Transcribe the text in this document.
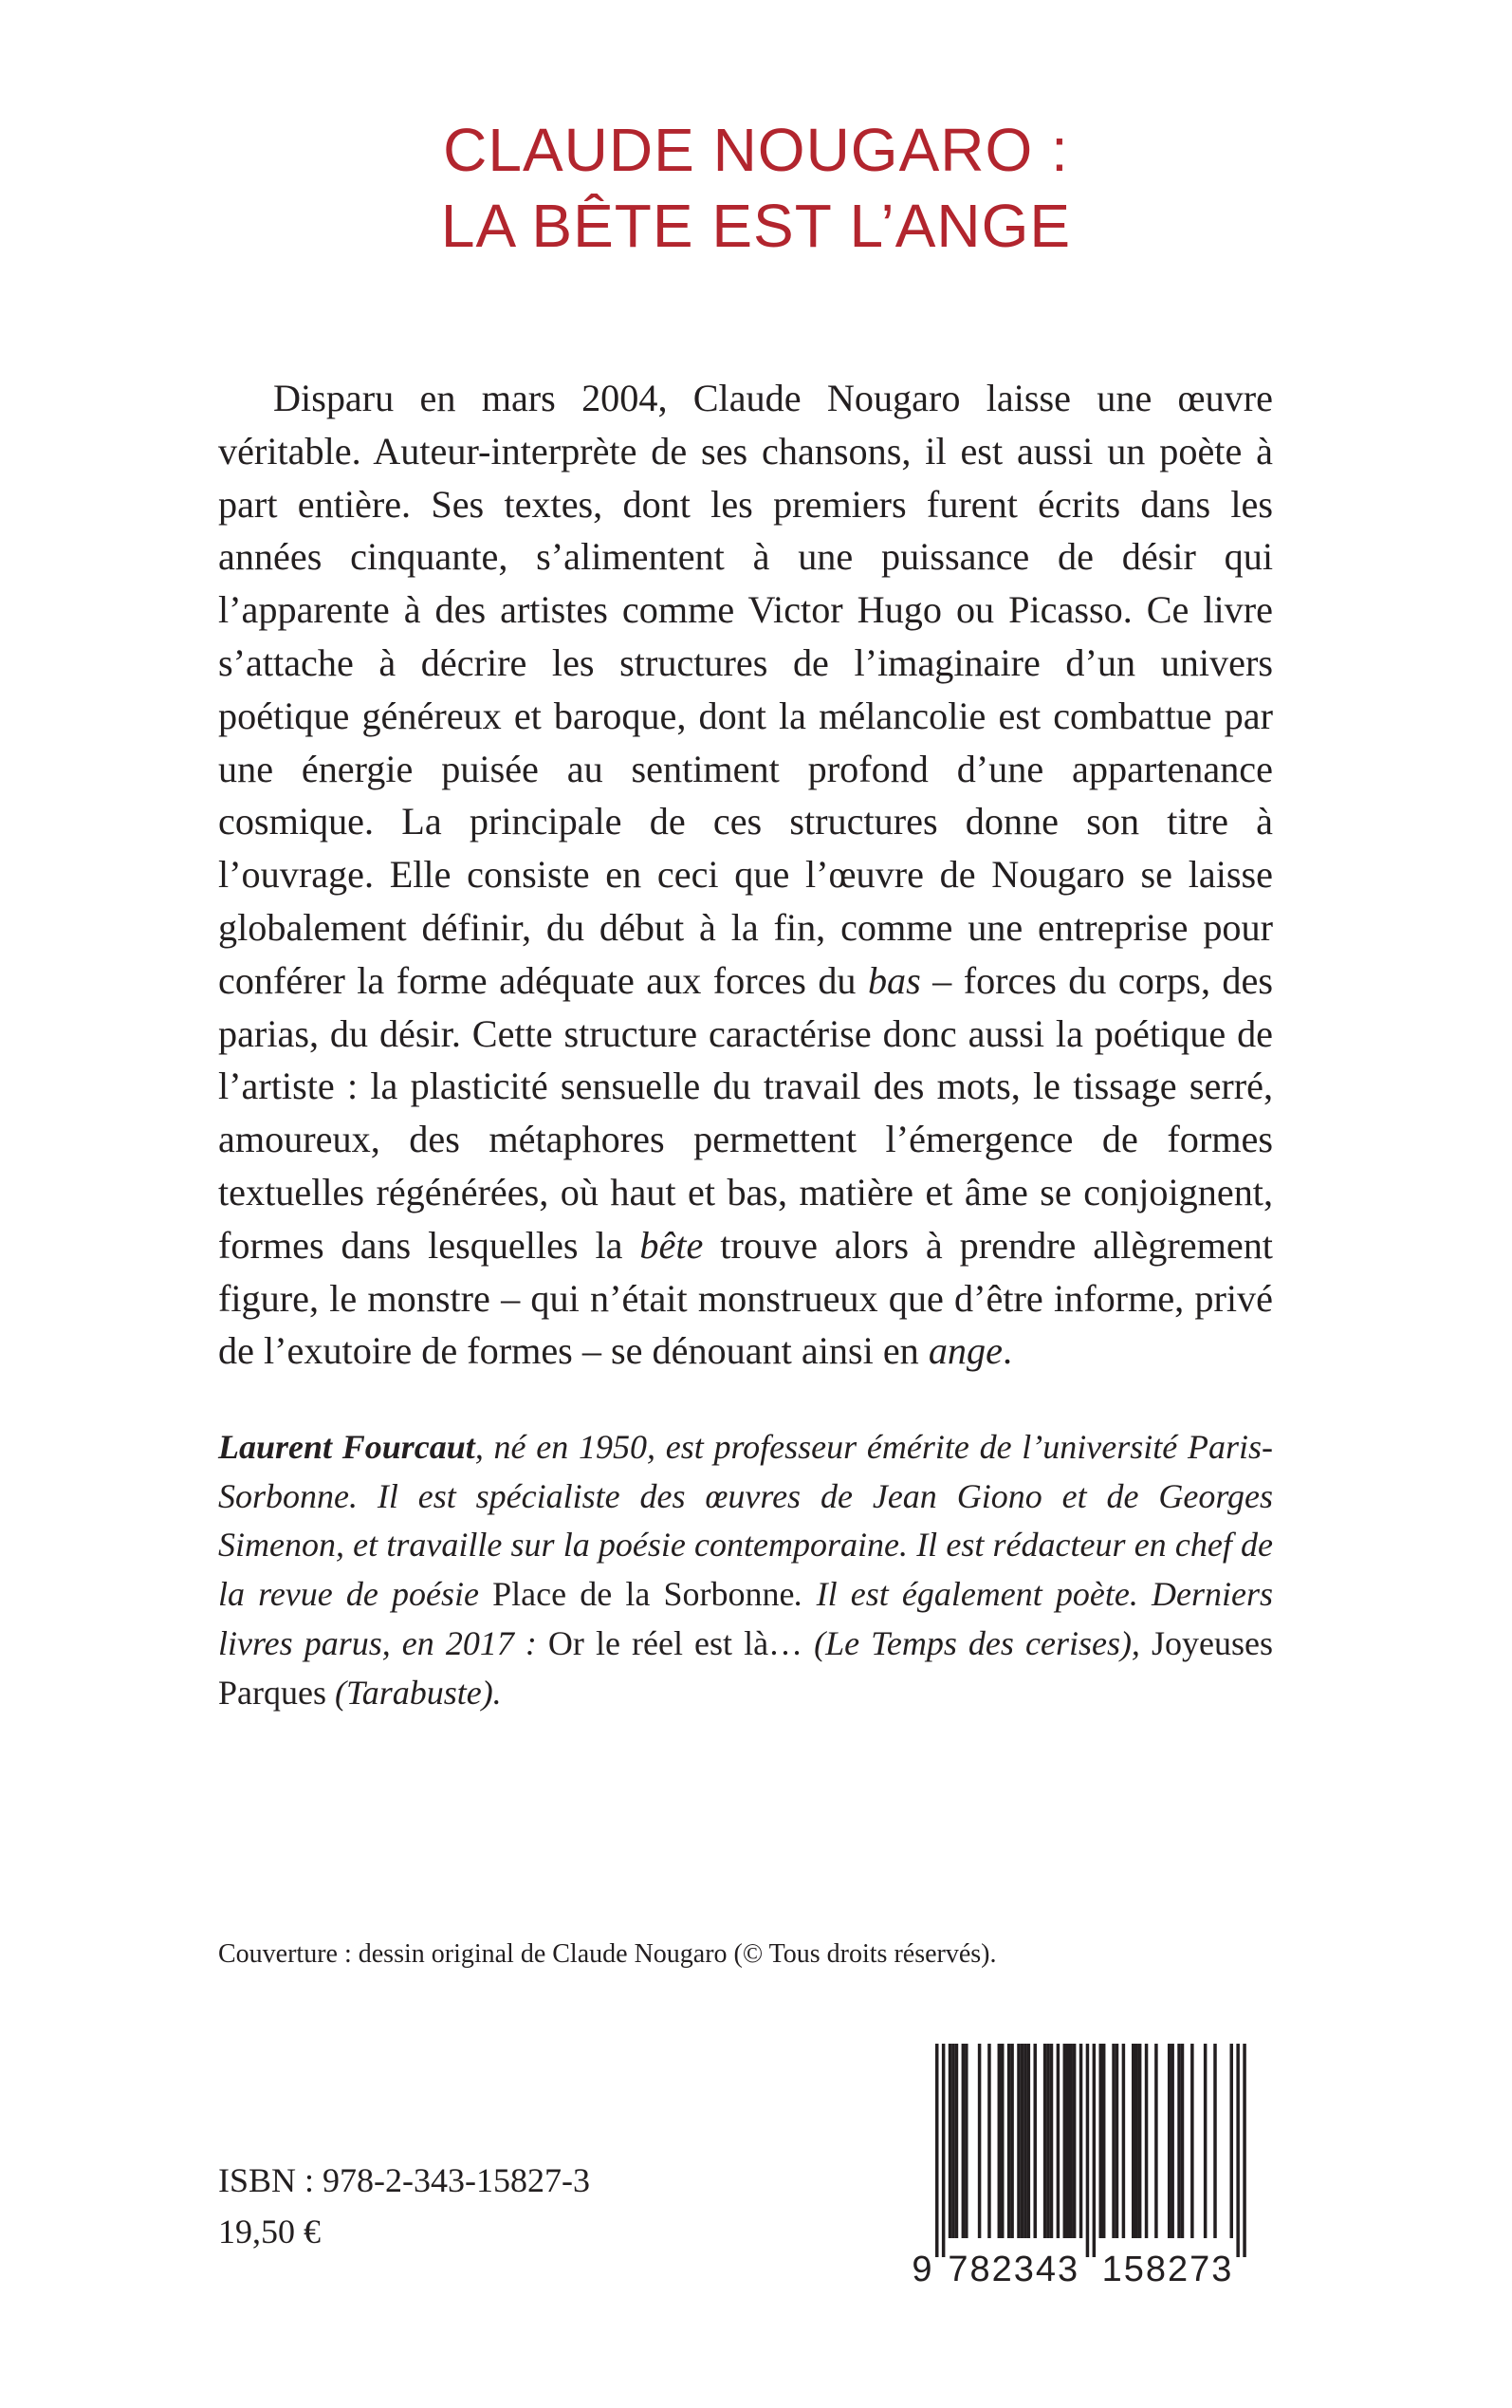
CLAUDE NOUGARO :
LA BÊTE EST L’ANGE

Disparu en mars 2004, Claude Nougaro laisse une œuvre véritable. Auteur-interprète de ses chansons, il est aussi un poète à part entière. Ses textes, dont les premiers furent écrits dans les années cinquante, s’alimentent à une puissance de désir qui l’apparente à des artistes comme Victor Hugo ou Picasso. Ce livre s’attache à décrire les structures de l’imaginaire d’un univers poétique généreux et baroque, dont la mélancolie est combattue par une énergie puisée au sentiment profond d’une appartenance cosmique. La principale de ces structures donne son titre à l’ouvrage. Elle consiste en ceci que l’œuvre de Nougaro se laisse globalement définir, du début à la fin, comme une entreprise pour conférer la forme adéquate aux forces du bas – forces du corps, des parias, du désir. Cette structure caractérise donc aussi la poétique de l’artiste : la plasticité sensuelle du travail des mots, le tissage serré, amoureux, des métaphores permettent l’émergence de formes textuelles régénérées, où haut et bas, matière et âme se conjoignent, formes dans lesquelles la bête trouve alors à prendre allègrement figure, le monstre – qui n’était monstrueux que d’être informe, privé de l’exutoire de formes – se dénouant ainsi en ange.

Laurent Fourcaut, né en 1950, est professeur émérite de l’université Paris-Sorbonne. Il est spécialiste des œuvres de Jean Giono et de Georges Simenon, et travaille sur la poésie contemporaine. Il est rédacteur en chef de la revue de poésie Place de la Sorbonne. Il est également poète. Derniers livres parus, en 2017 : Or le réel est là… (Le Temps des cerises), Joyeuses Parques (Tarabuste).

Couverture : dessin original de Claude Nougaro (© Tous droits réservés).
ISBN : 978-2-343-15827-3
19,50 €
9 782343 158273
